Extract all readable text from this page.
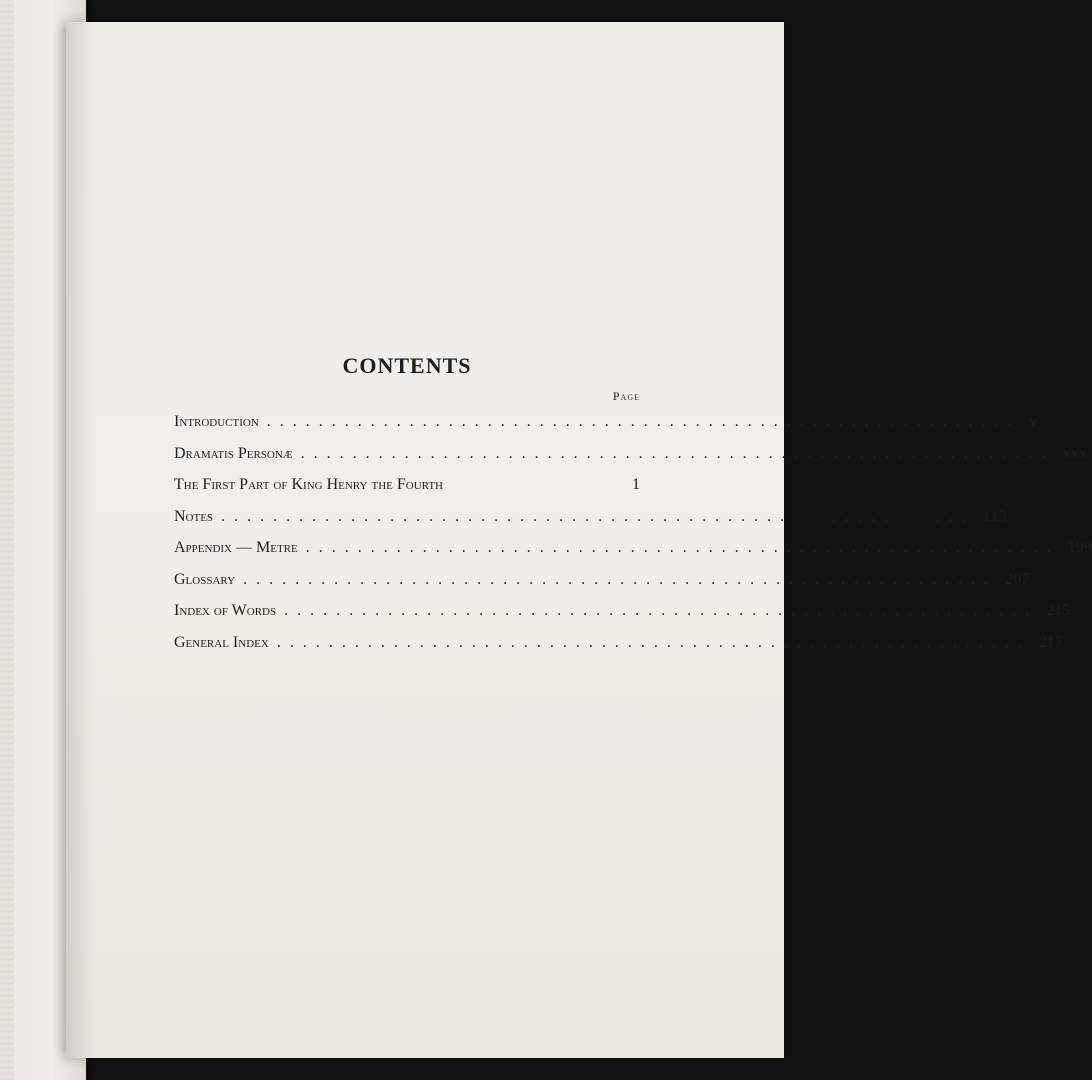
CONTENTS
Page
Introduction .......................................................... v
Dramatis Personæ .......................................................... xxx
The First Part of King Henry the Fourth	1
Notes .......................................................... 113
Appendix — Metre .......................................................... 199
Glossary .......................................................... 207
Index of Words .......................................................... 215
General Index .......................................................... 217
